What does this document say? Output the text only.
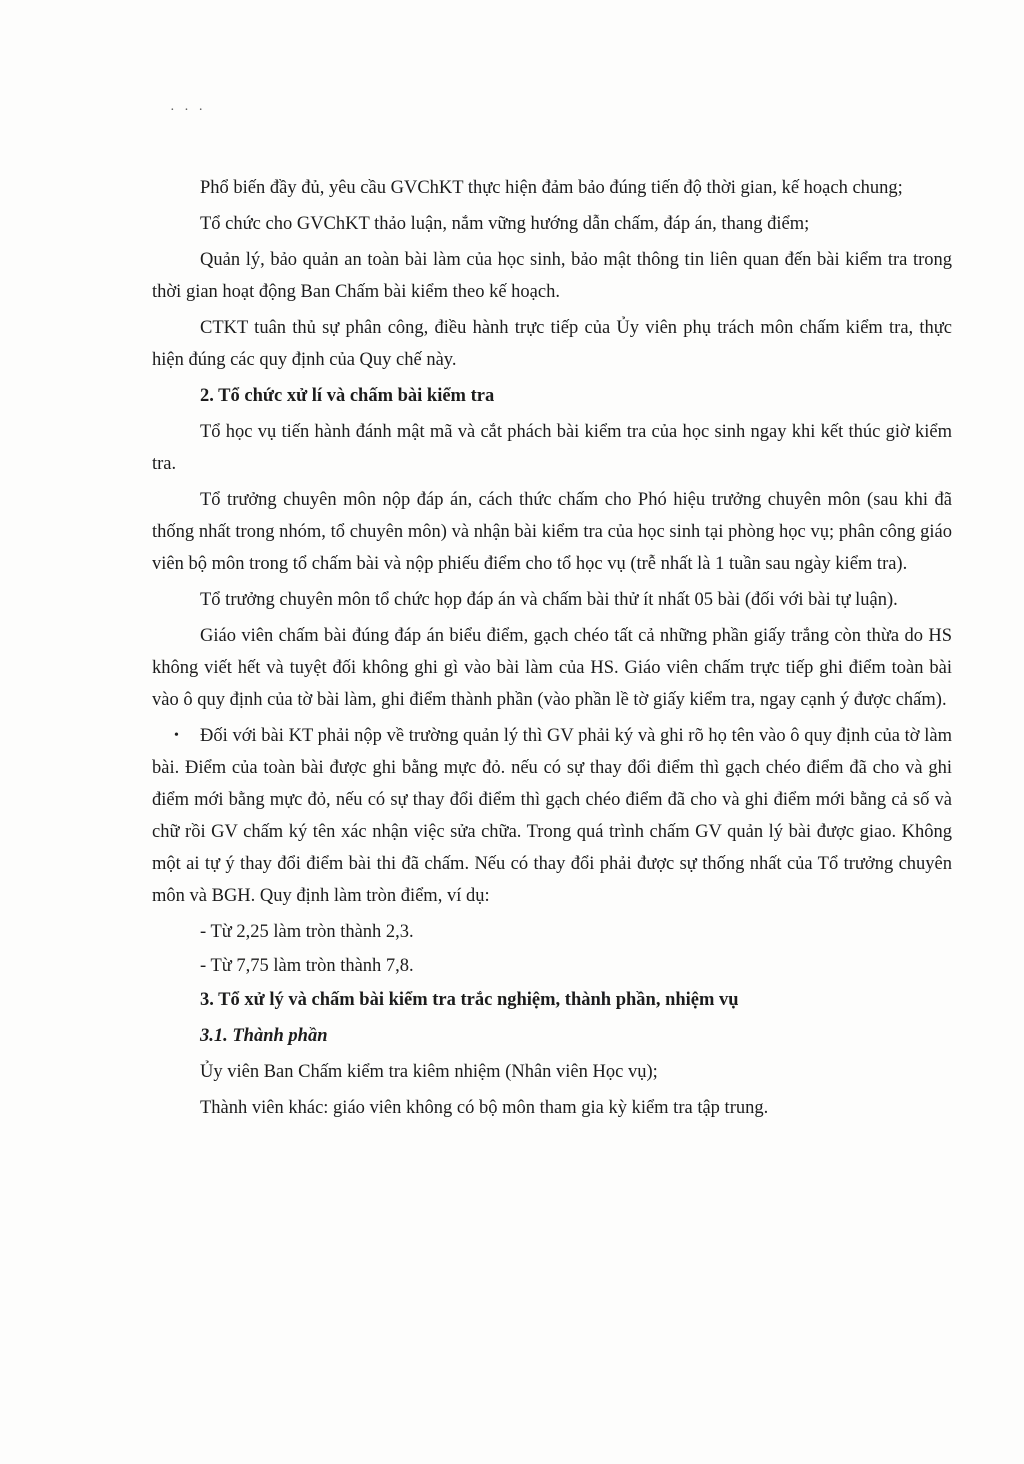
· · ·

Phổ biến đầy đủ, yêu cầu GVChKT thực hiện đảm bảo đúng tiến độ thời gian, kế hoạch chung;

Tổ chức cho GVChKT thảo luận, nắm vững hướng dẫn chấm, đáp án, thang điểm;

Quản lý, bảo quản an toàn bài làm của học sinh, bảo mật thông tin liên quan đến bài kiểm tra trong thời gian hoạt động Ban Chấm bài kiểm theo kế hoạch.

CTKT tuân thủ sự phân công, điều hành trực tiếp của Ủy viên phụ trách môn chấm kiểm tra, thực hiện đúng các quy định của Quy chế này.

2. Tổ chức xử lí và chấm bài kiểm tra

Tổ học vụ tiến hành đánh mật mã và cắt phách bài kiểm tra của học sinh ngay khi kết thúc giờ kiểm tra.

Tổ trưởng chuyên môn nộp đáp án, cách thức chấm cho Phó hiệu trưởng chuyên môn (sau khi đã thống nhất trong nhóm, tổ chuyên môn) và nhận bài kiểm tra của học sinh tại phòng học vụ; phân công giáo viên bộ môn trong tổ chấm bài và nộp phiếu điểm cho tổ học vụ (trễ nhất là 1 tuần sau ngày kiểm tra).

Tổ trưởng chuyên môn tổ chức họp đáp án và chấm bài thử ít nhất 05 bài (đối với bài tự luận).

Giáo viên chấm bài đúng đáp án biểu điểm, gạch chéo tất cả những phần giấy trắng còn thừa do HS không viết hết và tuyệt đối không ghi gì vào bài làm của HS. Giáo viên chấm trực tiếp ghi điểm toàn bài vào ô quy định của tờ bài làm, ghi điểm thành phần (vào phần lề tờ giấy kiểm tra, ngay cạnh ý được chấm).

•	Đối với bài KT phải nộp về trường quản lý thì GV phải ký và ghi rõ họ tên vào ô quy định của tờ làm bài. Điểm của toàn bài được ghi bằng mực đỏ. nếu có sự thay đổi điểm thì gạch chéo điểm đã cho và ghi điểm mới bằng mực đỏ, nếu có sự thay đổi điểm thì gạch chéo điểm đã cho và ghi điểm mới bằng cả số và chữ rồi GV chấm ký tên xác nhận việc sửa chữa. Trong quá trình chấm GV quản lý bài được giao. Không một ai tự ý thay đổi điểm bài thi đã chấm. Nếu có thay đổi phải được sự thống nhất của Tổ trưởng chuyên môn và BGH. Quy định làm tròn điểm, ví dụ:

- Từ 2,25 làm tròn thành 2,3.

- Từ 7,75 làm tròn thành 7,8.

3. Tổ xử lý và chấm bài kiểm tra trắc nghiệm, thành phần, nhiệm vụ

3.1. Thành phần

Ủy viên Ban Chấm kiểm tra kiêm nhiệm (Nhân viên Học vụ);

Thành viên khác: giáo viên không có bộ môn tham gia kỳ kiểm tra tập trung.
